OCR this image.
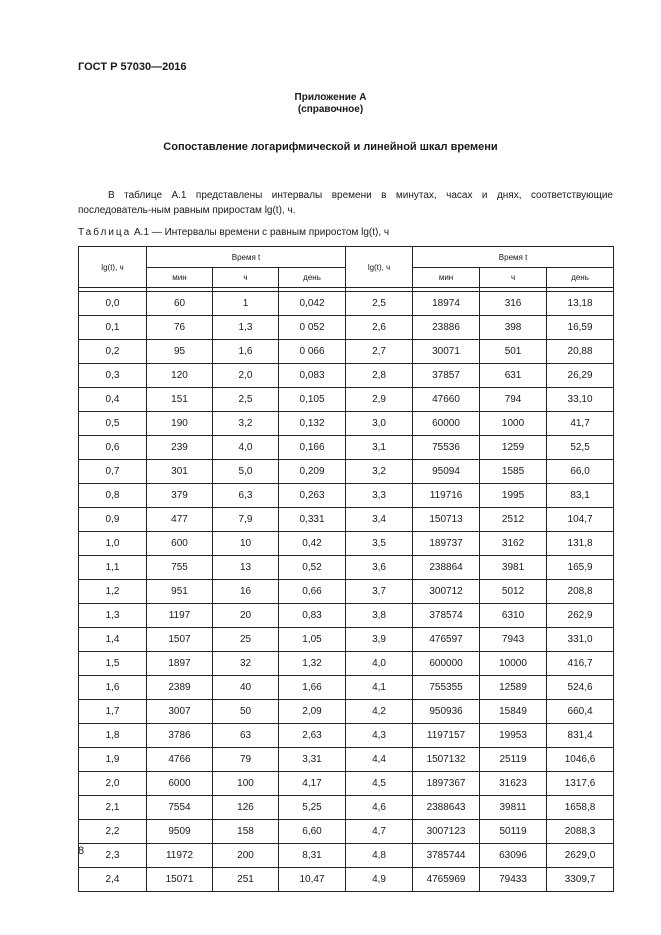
ГОСТ Р 57030—2016
Приложение А
(справочное)
Сопоставление логарифмической и линейной шкал времени
В таблице А.1 представлены интервалы времени в минутах, часах и днях, соответствующие последователь-ным равным приростам lg(t), ч.
Таблица А.1 — Интервалы времени с равным приростом lg(t), ч
lg(t), ч	Время t			lg(t), ч	Время t		
	мин	ч	день		мин	ч	день

0,0	60	1	0,042	2,5	18974	316	13,18
0,1	76	1,3	0 052	2,6	23886	398	16,59
0,2	95	1,6	0 066	2,7	30071	501	20,88
0,3	120	2,0	0,083	2,8	37857	631	26,29
0,4	151	2,5	0,105	2,9	47660	794	33,10
0,5	190	3,2	0,132	3,0	60000	1000	41,7
0,6	239	4,0	0,166	3,1	75536	1259	52,5
0,7	301	5,0	0,209	3,2	95094	1585	66,0
0,8	379	6,3	0,263	3,3	119716	1995	83,1
0,9	477	7,9	0,331	3,4	150713	2512	104,7
1,0	600	10	0,42	3,5	189737	3162	131,8
1,1	755	13	0,52	3,6	238864	3981	165,9
1,2	951	16	0,66	3,7	300712	5012	208,8
1,3	1197	20	0,83	3,8	378574	6310	262,9
1,4	1507	25	1,05	3,9	476597	7943	331,0
1,5	1897	32	1,32	4,0	600000	10000	416,7
1,6	2389	40	1,66	4,1	755355	12589	524,6
1,7	3007	50	2,09	4,2	950936	15849	660,4
1,8	3786	63	2,63	4,3	1197157	19953	831,4
1,9	4766	79	3,31	4,4	1507132	25119	1046,6
2,0	6000	100	4,17	4,5	1897367	31623	1317,6
2,1	7554	126	5,25	4,6	2388643	39811	1658,8
2,2	9509	158	6,60	4,7	3007123	50119	2088,3
2,3	11972	200	8,31	4,8	3785744	63096	2629,0
2,4	15071	251	10,47	4,9	4765969	79433	3309,7
8
